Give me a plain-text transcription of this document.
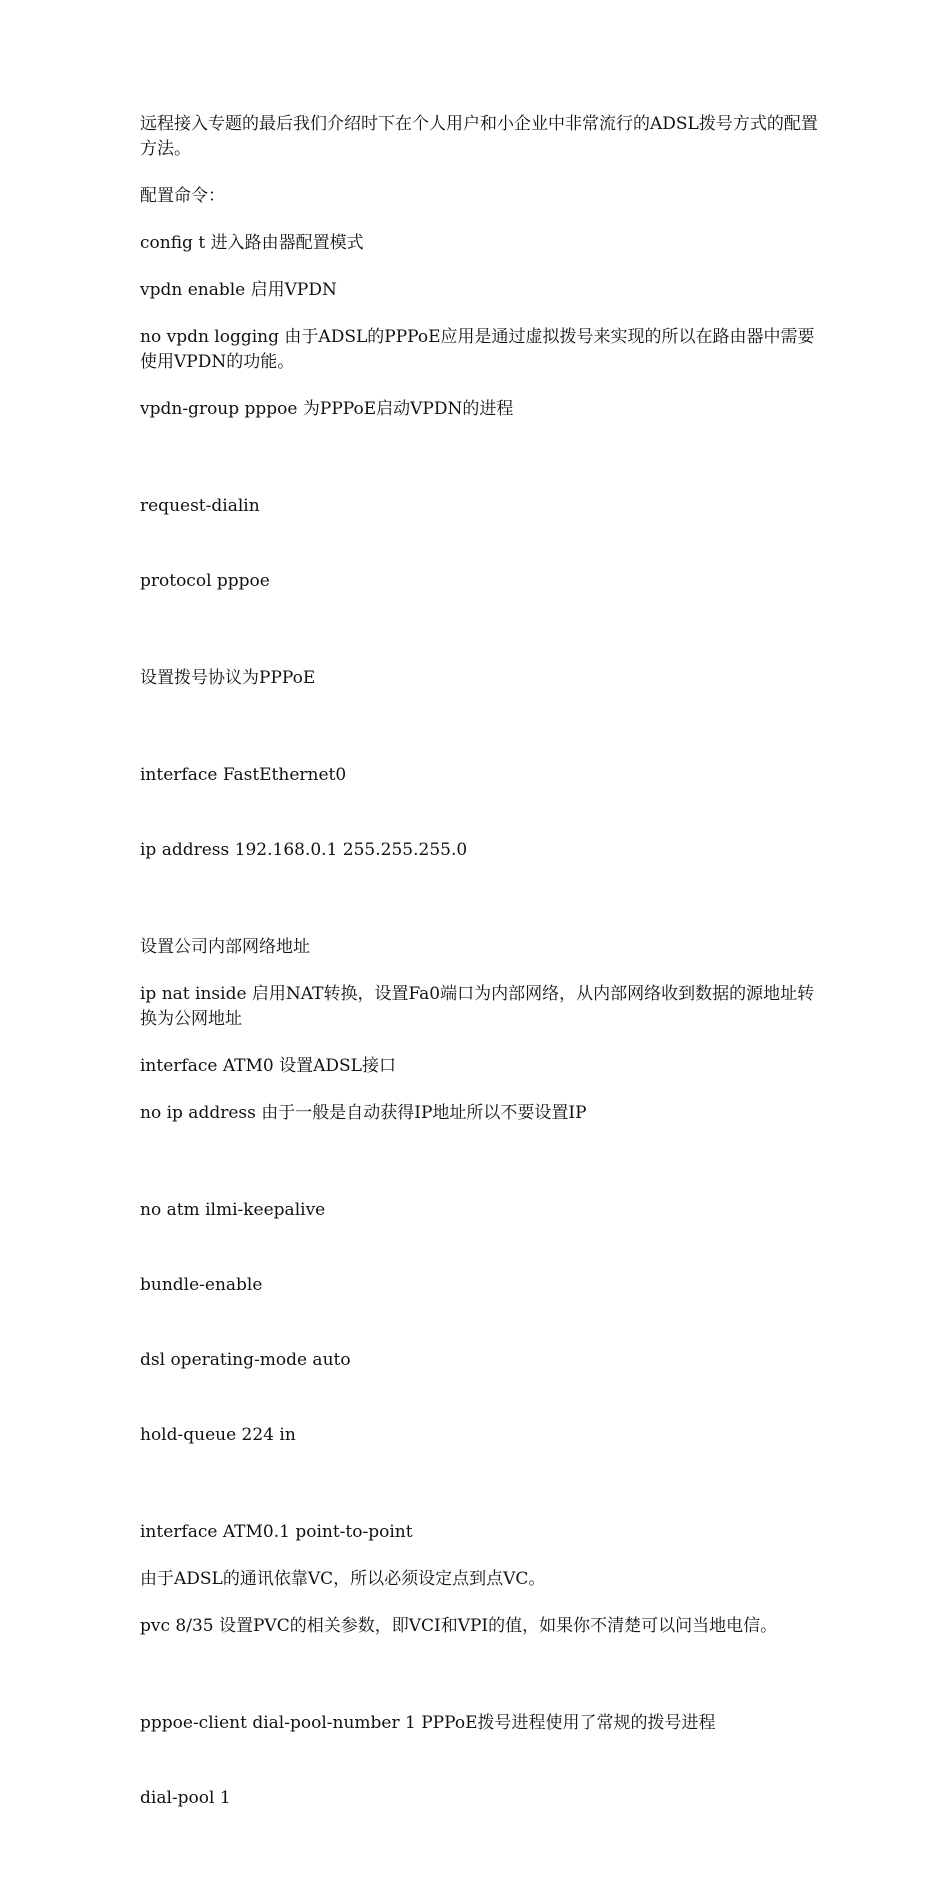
远程接入专题的最后我们介绍时下在个人用户和小企业中非常流行的ADSL拨号方式的配置方法。

配置命令：

config t 进入路由器配置模式

vpdn enable 启用VPDN

no vpdn logging 由于ADSL的PPPoE应用是通过虚拟拨号来实现的所以在路由器中需要使用VPDN的功能。

vpdn-group pppoe 为PPPoE启动VPDN的进程

request-dialin

protocol pppoe

设置拨号协议为PPPoE

interface FastEthernet0

ip address 192.168.0.1 255.255.255.0

设置公司内部网络地址

ip nat inside 启用NAT转换，设置Fa0端口为内部网络，从内部网络收到数据的源地址转换为公网地址

interface ATM0 设置ADSL接口

no ip address 由于一般是自动获得IP地址所以不要设置IP

no atm ilmi-keepalive

bundle-enable

dsl operating-mode auto

hold-queue 224 in

interface ATM0.1 point-to-point

由于ADSL的通讯依靠VC，所以必须设定点到点VC。

pvc 8/35 设置PVC的相关参数，即VCI和VPI的值，如果你不清楚可以问当地电信。

pppoe-client dial-pool-number 1 PPPoE拨号进程使用了常规的拨号进程

dial-pool 1
